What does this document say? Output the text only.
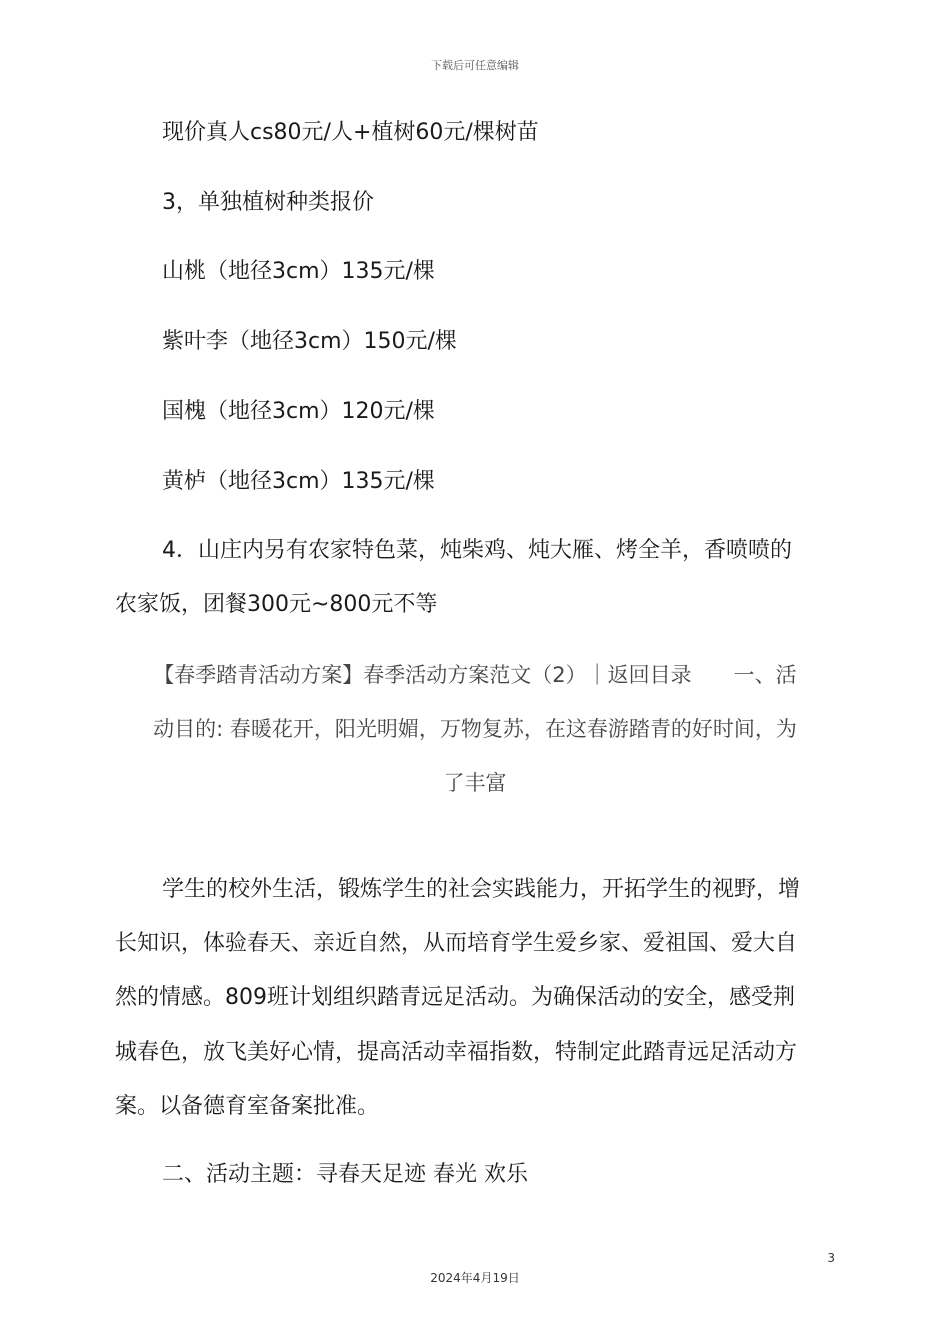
下载后可任意编辑
现价真人cs80元/人+植树60元/棵树苗
3，单独植树种类报价
山桃（地径3cm）135元/棵
紫叶李（地径3cm）150元/棵
国槐（地径3cm）120元/棵
黄栌（地径3cm）135元/棵
4．山庄内另有农家特色菜，炖柴鸡、炖大雁、烤全羊，香喷喷的
农家饭，团餐300元~800元不等
【春季踏青活动方案】春季活动方案范文（2）｜返回目录　　一、活
动目的: 春暖花开，阳光明媚，万物复苏，在这春游踏青的好时间，为
了丰富
学生的校外生活，锻炼学生的社会实践能力，开拓学生的视野，增
长知识，体验春天、亲近自然，从而培育学生爱乡家、爱祖国、爱大自
然的情感。809班计划组织踏青远足活动。为确保活动的安全，感受荆
城春色，放飞美好心情，提高活动幸福指数，特制定此踏青远足活动方
案。以备德育室备案批准。
二、活动主题：寻春天足迹 春光 欢乐
3
2024年4月19日
